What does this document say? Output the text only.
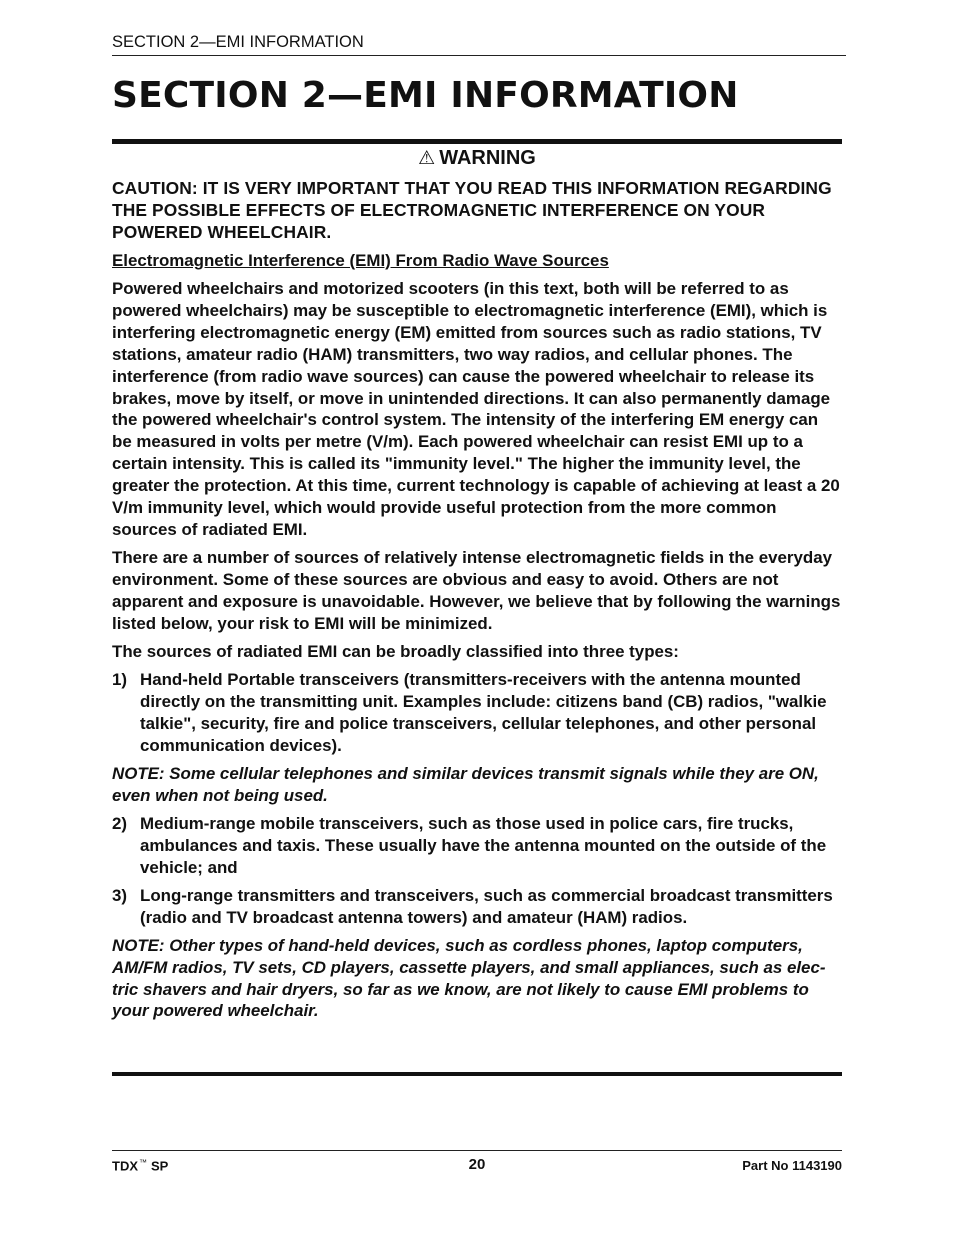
SECTION 2—EMI INFORMATION
SECTION 2—EMI INFORMATION
⚠ WARNING

CAUTION: IT IS VERY IMPORTANT THAT YOU READ THIS INFORMATION REGARDING THE POSSIBLE EFFECTS OF ELECTROMAGNETIC INTERFERENCE ON YOUR POWERED WHEELCHAIR.

Electromagnetic Interference (EMI) From Radio Wave Sources

Powered wheelchairs and motorized scooters (in this text, both will be referred to as powered wheelchairs) may be susceptible to electromagnetic interference (EMI), which is interfering electromagnetic energy (EM) emitted from sources such as radio stations, TV stations, amateur radio (HAM) transmitters, two way radios, and cellular phones. The interference (from radio wave sources) can cause the powered wheelchair to release its brakes, move by itself, or move in unintended directions. It can also permanently damage the powered wheelchair's control system. The intensity of the interfering EM energy can be measured in volts per metre (V/m). Each powered wheelchair can resist EMI up to a certain intensity. This is called its "immunity level." The higher the immunity level, the greater the protection. At this time, current technology is capable of achieving at least a 20 V/m immunity level, which would provide useful protection from the more common sources of radiated EMI.

There are a number of sources of relatively intense electromagnetic fields in the everyday environment. Some of these sources are obvious and easy to avoid. Others are not apparent and exposure is unavoidable. However, we believe that by following the warnings listed below, your risk to EMI will be minimized.

The sources of radiated EMI can be broadly classified into three types:

1) Hand-held Portable transceivers (transmitters-receivers with the antenna mounted directly on the transmitting unit. Examples include: citizens band (CB) radios, "walkie talkie", security, fire and police transceivers, cellular telephones, and other personal communication devices).

NOTE: Some cellular telephones and similar devices transmit signals while they are ON, even when not being used.

2) Medium-range mobile transceivers, such as those used in police cars, fire trucks, ambulances and taxis. These usually have the antenna mounted on the outside of the vehicle; and
3) Long-range transmitters and transceivers, such as commercial broadcast transmitters (radio and TV broadcast antenna towers) and amateur (HAM) radios.

NOTE: Other types of hand-held devices, such as cordless phones, laptop computers, AM/FM radios, TV sets, CD players, cassette players, and small appliances, such as elec-tric shavers and hair dryers, so far as we know, are not likely to cause EMI problems to your powered wheelchair.

TDX™ SP	20	Part No 1143190
